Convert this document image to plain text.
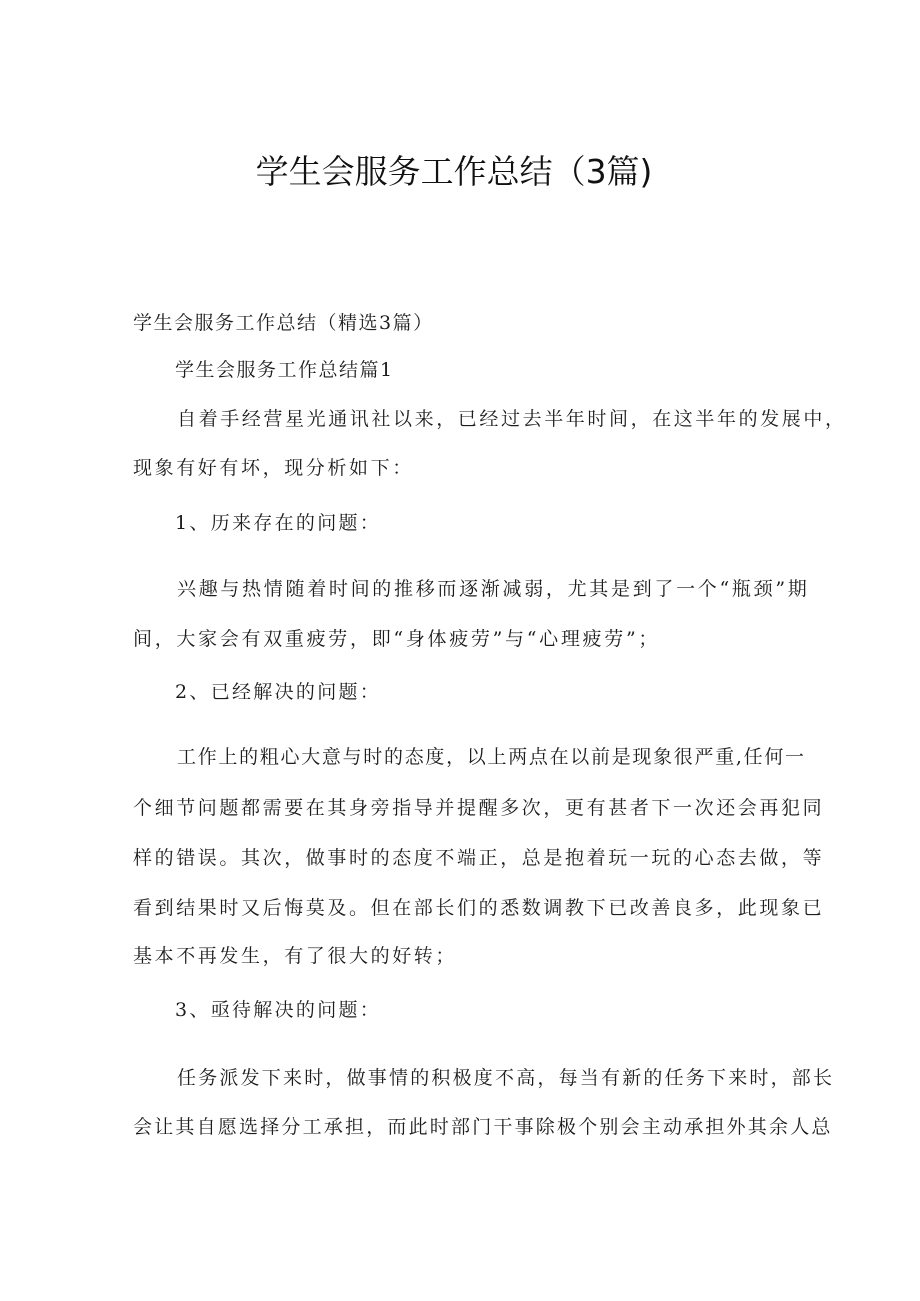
学生会服务工作总结（3篇)

学生会服务工作总结（精选3篇）

学生会服务工作总结篇1

自着手经营星光通讯社以来，已经过去半年时间，在这半年的发展中，

现象有好有坏，现分析如下：

1、历来存在的问题：

兴趣与热情随着时间的推移而逐渐减弱，尤其是到了一个“瓶颈”期

间，大家会有双重疲劳，即“身体疲劳”与“心理疲劳”；

2、已经解决的问题：

工作上的粗心大意与时的态度，以上两点在以前是现象很严重,任何一

个细节问题都需要在其身旁指导并提醒多次，更有甚者下一次还会再犯同

样的错误。其次，做事时的态度不端正，总是抱着玩一玩的心态去做，等

看到结果时又后悔莫及。但在部长们的悉数调教下已改善良多，此现象已

基本不再发生，有了很大的好转；

3、亟待解决的问题：

任务派发下来时，做事情的积极度不高，每当有新的任务下来时，部长

会让其自愿选择分工承担，而此时部门干事除极个别会主动承担外其余人总
